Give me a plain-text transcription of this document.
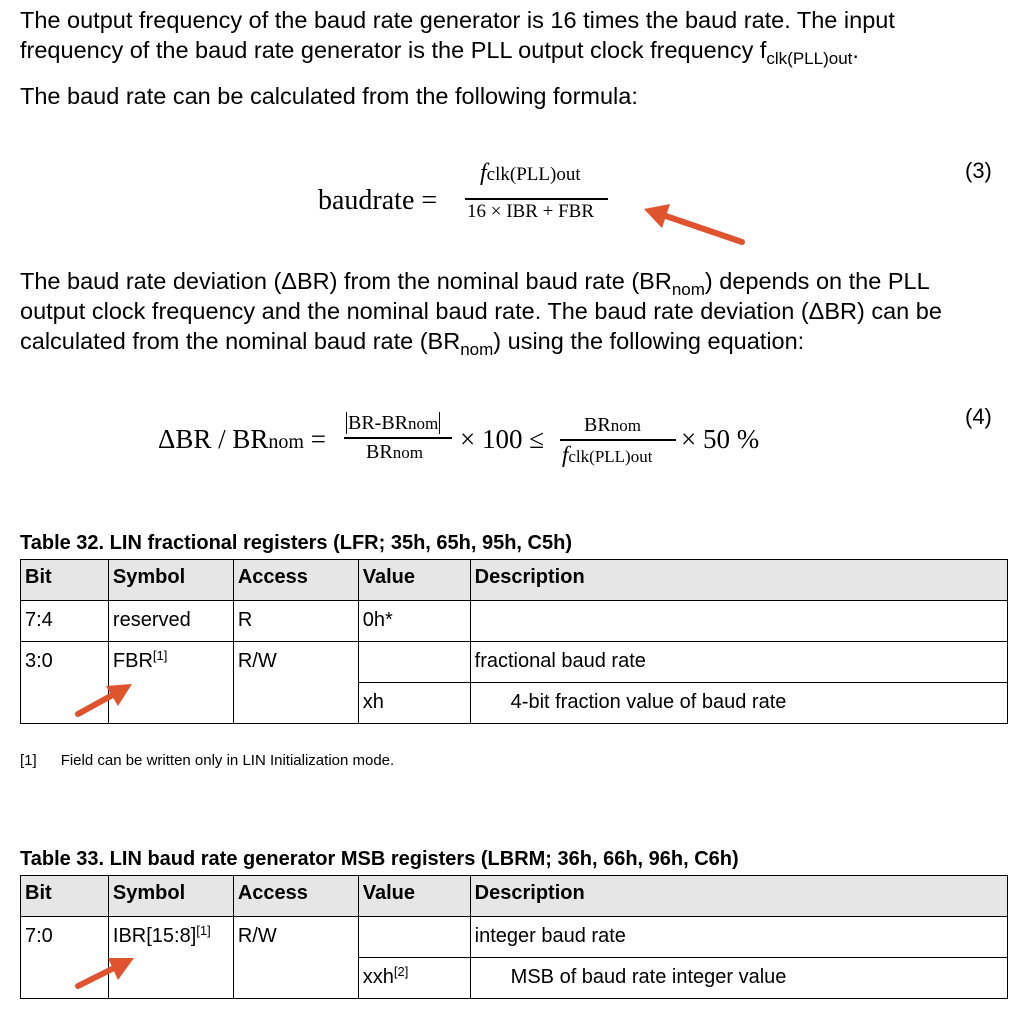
The output frequency of the baud rate generator is 16 times the baud rate. The input
frequency of the baud rate generator is the PLL output clock frequency $f_{clk(PLL)out}$.
The baud rate can be calculated from the following formula:
baudrate =
fclk(PLL)out
16 × IBR + FBR
(3)
The baud rate deviation (ΔBR) from the nominal baud rate $(BR_{nom})$ depends on the PLL
output clock frequency and the nominal baud rate. The baud rate deviation (ΔBR) can be
calculated from the nominal baud rate $(BR_{nom})$ using the following equation:
ΔBR / BRnom =
BR-BRnom
BRnom × 100 ≤ BRnom
fclk(PLL)out
× 50 %
(4)
Table 32. LIN fractional registers (LFR; 35h, 65h, 95h, C5h)
Bit	Symbol	Access	Value	Description
7:4	reserved	R	0h*	
3:0	FBR[1]	R/W		fractional baud rate
			xh	4-bit fraction value of baud rate
[1] Field can be written only in LIN Initialization mode.
Table 33. LIN baud rate generator MSB registers (LBRM; 36h, 66h, 96h, C6h)
Bit	Symbol	Access	Value	Description
7:0	IBR[15:8][1]	R/W		integer baud rate
			xxh[2]	MSB of baud rate integer value
